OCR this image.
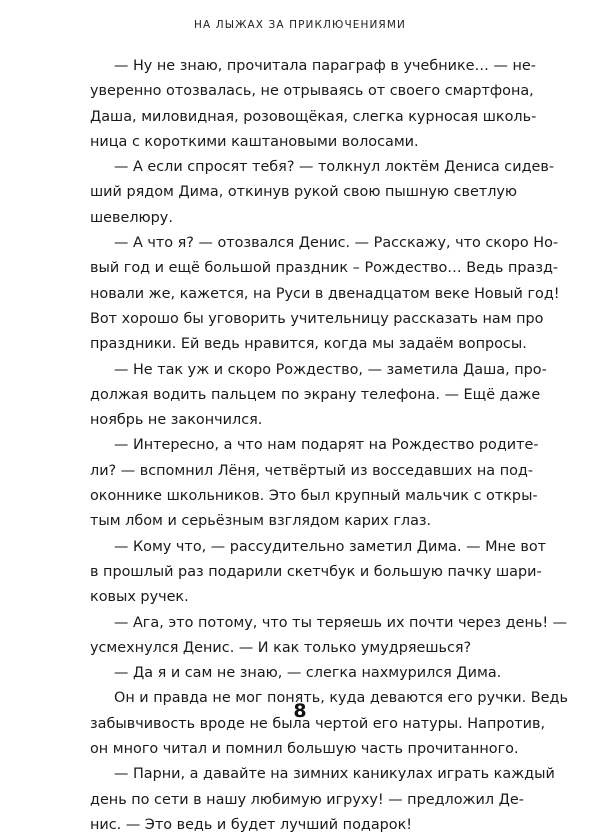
НА ЛЫЖАХ ЗА ПРИКЛЮЧЕНИЯМИ
— Ну не знаю, прочитала параграф в учебнике… — не-
уверенно отозвалась, не отрываясь от своего смартфона,
Даша, миловидная, розовощёкая, слегка курносая школь-
ница с короткими каштановыми волосами.
— А если спросят тебя? — толкнул локтём Дениса сидев-
ший рядом Дима, откинув рукой свою пышную светлую
шевелюру.
— А что я? — отозвался Денис. — Расскажу, что скоро Но-
вый год и ещё большой праздник – Рождество… Ведь празд-
новали же, кажется, на Руси в двенадцатом веке Новый год!
Вот хорошо бы уговорить учительницу рассказать нам про
праздники. Ей ведь нравится, когда мы задаём вопросы.
— Не так уж и скоро Рождество, — заметила Даша, про-
должая водить пальцем по экрану телефона. — Ещё даже
ноябрь не закончился.
— Интересно, а что нам подарят на Рождество родите-
ли? — вспомнил Лёня, четвёртый из восседавших на под-
оконнике школьников. Это был крупный мальчик с откры-
тым лбом и серьёзным взглядом карих глаз.
— Кому что, — рассудительно заметил Дима. — Мне вот
в прошлый раз подарили скетчбук и большую пачку шари-
ковых ручек.
— Ага, это потому, что ты теряешь их почти через день! —
усмехнулся Денис. — И как только умудряешься?
— Да я и сам не знаю, — слегка нахмурился Дима.
Он и правда не мог понять, куда деваются его ручки. Ведь
забывчивость вроде не была чертой его натуры. Напротив,
он много читал и помнил большую часть прочитанного.
— Парни, а давайте на зимних каникулах играть каждый
день по сети в нашу любимую игруху! — предложил Де-
нис. — Это ведь и будет лучший подарок!
8
